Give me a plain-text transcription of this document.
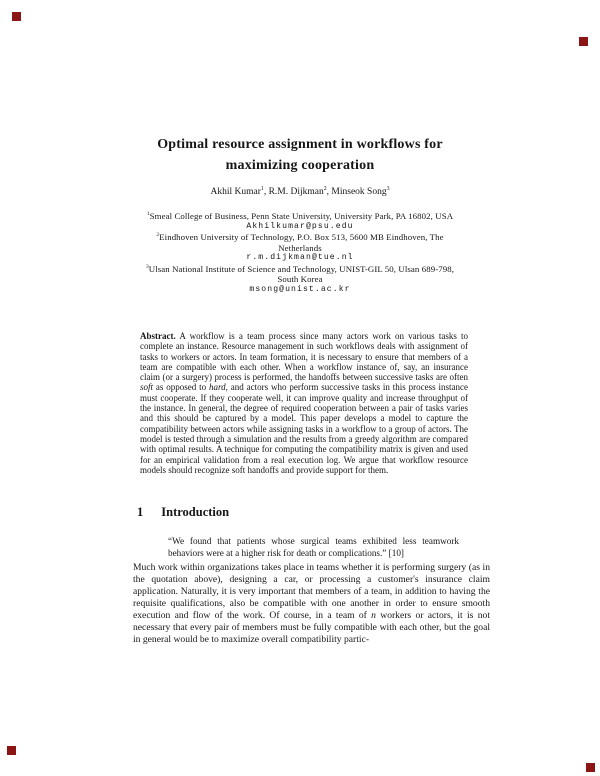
Optimal resource assignment in workflows for maximizing cooperation
Akhil Kumar$^1$, R.M. Dijkman$^2$, Minseok Song$^3$
$^1$Smeal College of Business, Penn State University, University Park, PA 16802, USA
Akhilkumar@psu.edu
$^2$Eindhoven University of Technology, P.O. Box 513, 5600 MB Eindhoven, The
Netherlands
r.m.dijkman@tue.nl
$^3$Ulsan National Institute of Science and Technology, UNIST-GIL 50, Ulsan 689-798,
South Korea
msong@unist.ac.kr
Abstract. A workflow is a team process since many actors work on various tasks to complete an instance. Resource management in such workflows deals with assignment of tasks to workers or actors. In team formation, it is necessary to ensure that members of a team are compatible with each other. When a workflow instance of, say, an insurance claim (or a surgery) process is performed, the handoffs between successive tasks are often soft as opposed to hard, and actors who perform successive tasks in this process instance must cooperate. If they cooperate well, it can improve quality and increase throughput of the instance. In general, the degree of required cooperation between a pair of tasks varies and this should be captured by a model. This paper develops a model to capture the compatibility between actors while assigning tasks in a workflow to a group of actors. The model is tested through a simulation and the results from a greedy algorithm are compared with optimal results. A technique for computing the compatibility matrix is given and used for an empirical validation from a real execution log. We argue that workflow resource models should recognize soft handoffs and provide support for them.
1 Introduction
“We found that patients whose surgical teams exhibited less teamwork behaviors were at a higher risk for death or complications.” [10]
Much work within organizations takes place in teams whether it is performing surgery (as in the quotation above), designing a car, or processing a customer's insurance claim application. Naturally, it is very important that members of a team, in addition to having the requisite qualifications, also be compatible with one another in order to ensure smooth execution and flow of the work. Of course, in a team of n workers or actors, it is not necessary that every pair of members must be fully compatible with each other, but the goal in general would be to maximize overall compatibility partic-
